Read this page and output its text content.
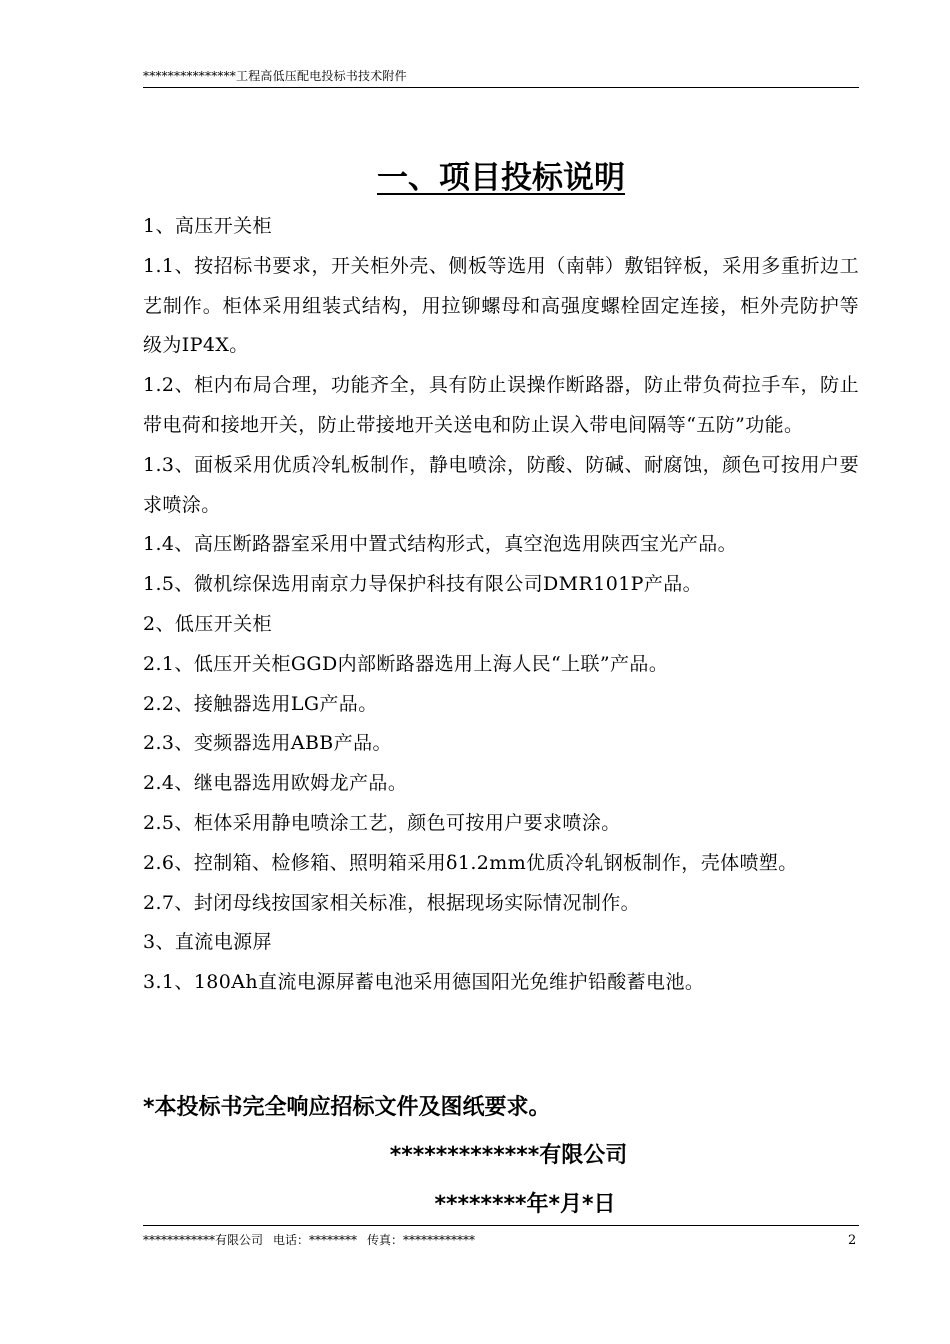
***************工程高低压配电投标书技术附件
一、项目投标说明

1、高压开关柜

1.1、按招标书要求，开关柜外壳、侧板等选用（南韩）敷铝锌板，采用多重折边工艺制作。柜体采用组装式结构，用拉铆螺母和高强度螺栓固定连接，柜外壳防护等级为IP4X。

1.2、柜内布局合理，功能齐全，具有防止误操作断路器，防止带负荷拉手车，防止带电荷和接地开关，防止带接地开关送电和防止误入带电间隔等“五防”功能。

1.3、面板采用优质冷轧板制作，静电喷涂，防酸、防碱、耐腐蚀，颜色可按用户要求喷涂。

1.4、高压断路器室采用中置式结构形式，真空泡选用陕西宝光产品。

1.5、微机综保选用南京力导保护科技有限公司DMR101P产品。

2、低压开关柜

2.1、低压开关柜GGD内部断路器选用上海人民“上联”产品。

2.2、接触器选用LG产品。

2.3、变频器选用ABB产品。

2.4、继电器选用欧姆龙产品。

2.5、柜体采用静电喷涂工艺，颜色可按用户要求喷涂。

2.6、控制箱、检修箱、照明箱采用δ1.2mm优质冷轧钢板制作，壳体喷塑。

2.7、封闭母线按国家相关标准，根据现场实际情况制作。

3、直流电源屏

3.1、180Ah直流电源屏蓄电池采用德国阳光免维护铅酸蓄电池。

*本投标书完全响应招标文件及图纸要求。

*************有限公司

********年*月*日

************有限公司 电话：******** 传真：************	2
